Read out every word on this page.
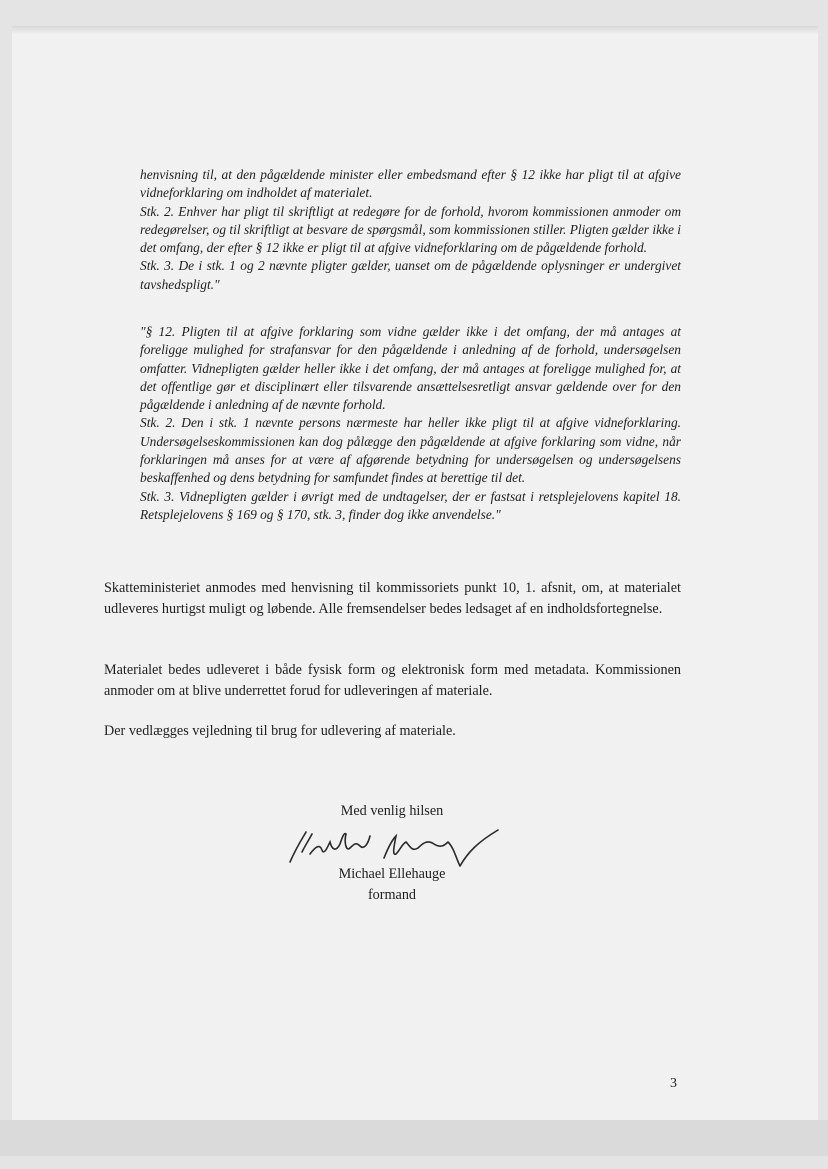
henvisning til, at den pågældende minister eller embedsmand efter § 12 ikke har pligt til at afgive vidneforklaring om indholdet af materialet.

Stk. 2. Enhver har pligt til skriftligt at redegøre for de forhold, hvorom kommissionen anmoder om redegørelser, og til skriftligt at besvare de spørgsmål, som kommissionen stiller. Pligten gælder ikke i det omfang, der efter § 12 ikke er pligt til at afgive vidneforklaring om de pågældende forhold.

Stk. 3. De i stk. 1 og 2 nævnte pligter gælder, uanset om de pågældende oplysninger er undergivet tavshedspligt."

"§ 12. Pligten til at afgive forklaring som vidne gælder ikke i det omfang, der må antages at foreligge mulighed for strafansvar for den pågældende i anledning af de forhold, undersøgelsen omfatter. Vidnepligten gælder heller ikke i det omfang, der må antages at foreligge mulighed for, at det offentlige gør et disciplinært eller tilsvarende ansættelsesretligt ansvar gældende over for den pågældende i anledning af de nævnte forhold.

Stk. 2. Den i stk. 1 nævnte persons nærmeste har heller ikke pligt til at afgive vidneforklaring. Undersøgelseskommissionen kan dog pålægge den pågældende at afgive forklaring som vidne, når forklaringen må anses for at være af afgørende betydning for undersøgelsen og undersøgelsens beskaffenhed og dens betydning for samfundet findes at berettige til det.

Stk. 3. Vidnepligten gælder i øvrigt med de undtagelser, der er fastsat i retsplejelovens kapitel 18. Retsplejelovens § 169 og § 170, stk. 3, finder dog ikke anvendelse."

Skatteministeriet anmodes med henvisning til kommissoriets punkt 10, 1. afsnit, om, at materialet udleveres hurtigst muligt og løbende. Alle fremsendelser bedes ledsaget af en indholdsfortegnelse.

Materialet bedes udleveret i både fysisk form og elektronisk form med metadata. Kommissionen anmoder om at blive underrettet forud for udleveringen af materiale.

Der vedlægges vejledning til brug for udlevering af materiale.

Med venlig hilsen

Michael Ellehauge

formand

3
